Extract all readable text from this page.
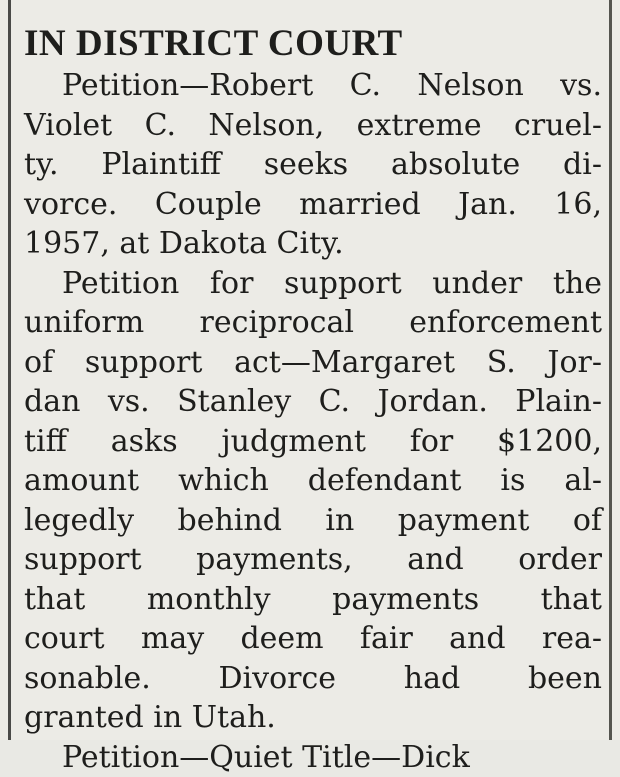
IN DISTRICT COURT

Petition—Robert C. Nelson vs.
Violet C. Nelson, extreme cruel-
ty. Plaintiff seeks absolute di-
vorce. Couple married Jan. 16,
1957, at Dakota City.

Petition for support under the
uniform reciprocal enforcement
of support act—Margaret S. Jor-
dan vs. Stanley C. Jordan. Plain-
tiff asks judgment for $1200,
amount which defendant is al-
legedly behind in payment of
support payments, and order
that monthly payments that
court may deem fair and rea-
sonable. Divorce had been
granted in Utah.

Petition—Quiet Title—Dick
